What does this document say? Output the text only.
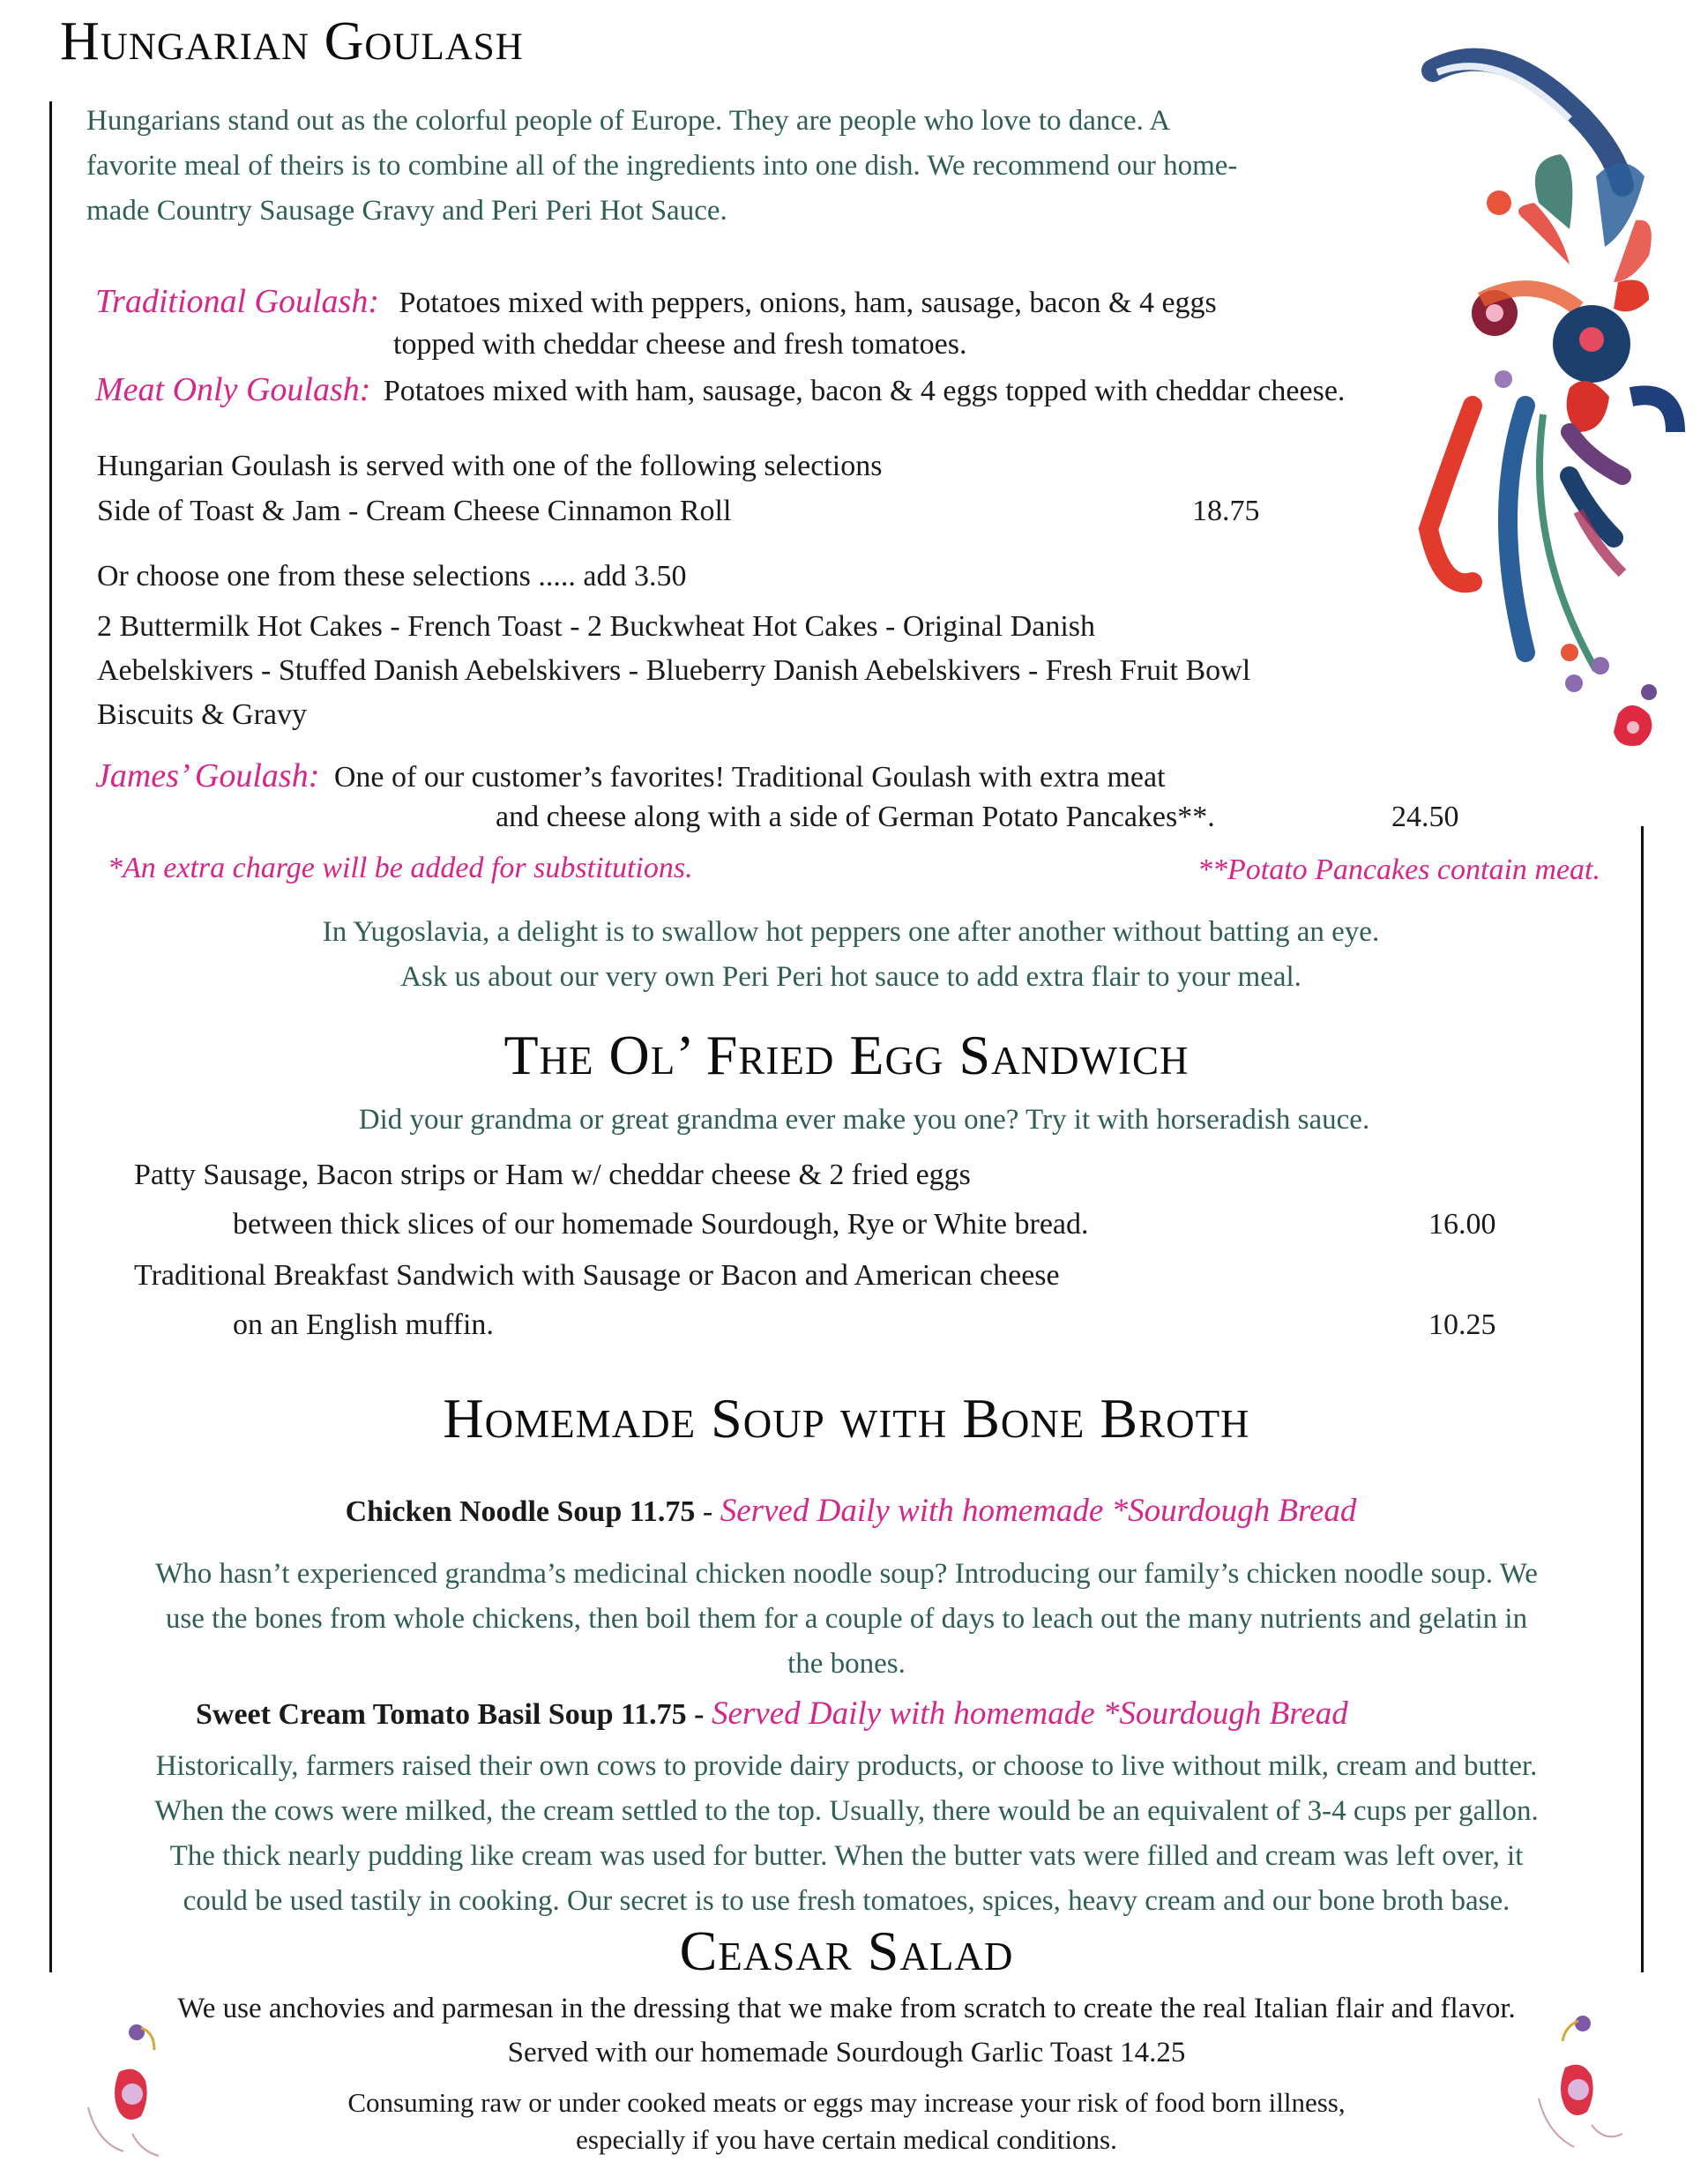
Hungarian Goulash
Hungarians stand out as the colorful people of Europe. They are people who love to dance. A
favorite meal of theirs is to combine all of the ingredients into one dish. We recommend our home-
made Country Sausage Gravy and Peri Peri Hot Sauce.
Traditional Goulash: Potatoes mixed with peppers, onions, ham, sausage, bacon & 4 eggs
topped with cheddar cheese and fresh tomatoes.
Meat Only Goulash: Potatoes mixed with ham, sausage, bacon & 4 eggs topped with cheddar cheese.
Hungarian Goulash is served with one of the following selections
Side of Toast & Jam - Cream Cheese Cinnamon Roll	18.75
Or choose one from these selections ..... add 3.50
2 Buttermilk Hot Cakes - French Toast - 2 Buckwheat Hot Cakes - Original Danish
Aebelskivers - Stuffed Danish Aebelskivers - Blueberry Danish Aebelskivers - Fresh Fruit Bowl
Biscuits & Gravy
James’ Goulash: One of our customer’s favorites! Traditional Goulash with extra meat
and cheese along with a side of German Potato Pancakes**.	24.50
*An extra charge will be added for substitutions.	**Potato Pancakes contain meat.
In Yugoslavia, a delight is to swallow hot peppers one after another without batting an eye.
Ask us about our very own Peri Peri hot sauce to add extra flair to your meal.
The Ol’ Fried Egg Sandwich
Did your grandma or great grandma ever make you one? Try it with horseradish sauce.
Patty Sausage, Bacon strips or Ham w/ cheddar cheese & 2 fried eggs
between thick slices of our homemade Sourdough, Rye or White bread.	16.00
Traditional Breakfast Sandwich with Sausage or Bacon and American cheese
on an English muffin.	10.25
Homemade Soup with Bone Broth
Chicken Noodle Soup 11.75 - Served Daily with homemade *Sourdough Bread
Who hasn’t experienced grandma’s medicinal chicken noodle soup? Introducing our family’s chicken noodle soup. We
use the bones from whole chickens, then boil them for a couple of days to leach out the many nutrients and gelatin in
the bones.
Sweet Cream Tomato Basil Soup 11.75 - Served Daily with homemade *Sourdough Bread
Historically, farmers raised their own cows to provide dairy products, or choose to live without milk, cream and butter.
When the cows were milked, the cream settled to the top. Usually, there would be an equivalent of 3-4 cups per gallon.
The thick nearly pudding like cream was used for butter. When the butter vats were filled and cream was left over, it
could be used tastily in cooking. Our secret is to use fresh tomatoes, spices, heavy cream and our bone broth base.
Ceasar Salad
We use anchovies and parmesan in the dressing that we make from scratch to create the real Italian flair and flavor.
Served with our homemade Sourdough Garlic Toast 14.25
Consuming raw or under cooked meats or eggs may increase your risk of food born illness,
especially if you have certain medical conditions.
